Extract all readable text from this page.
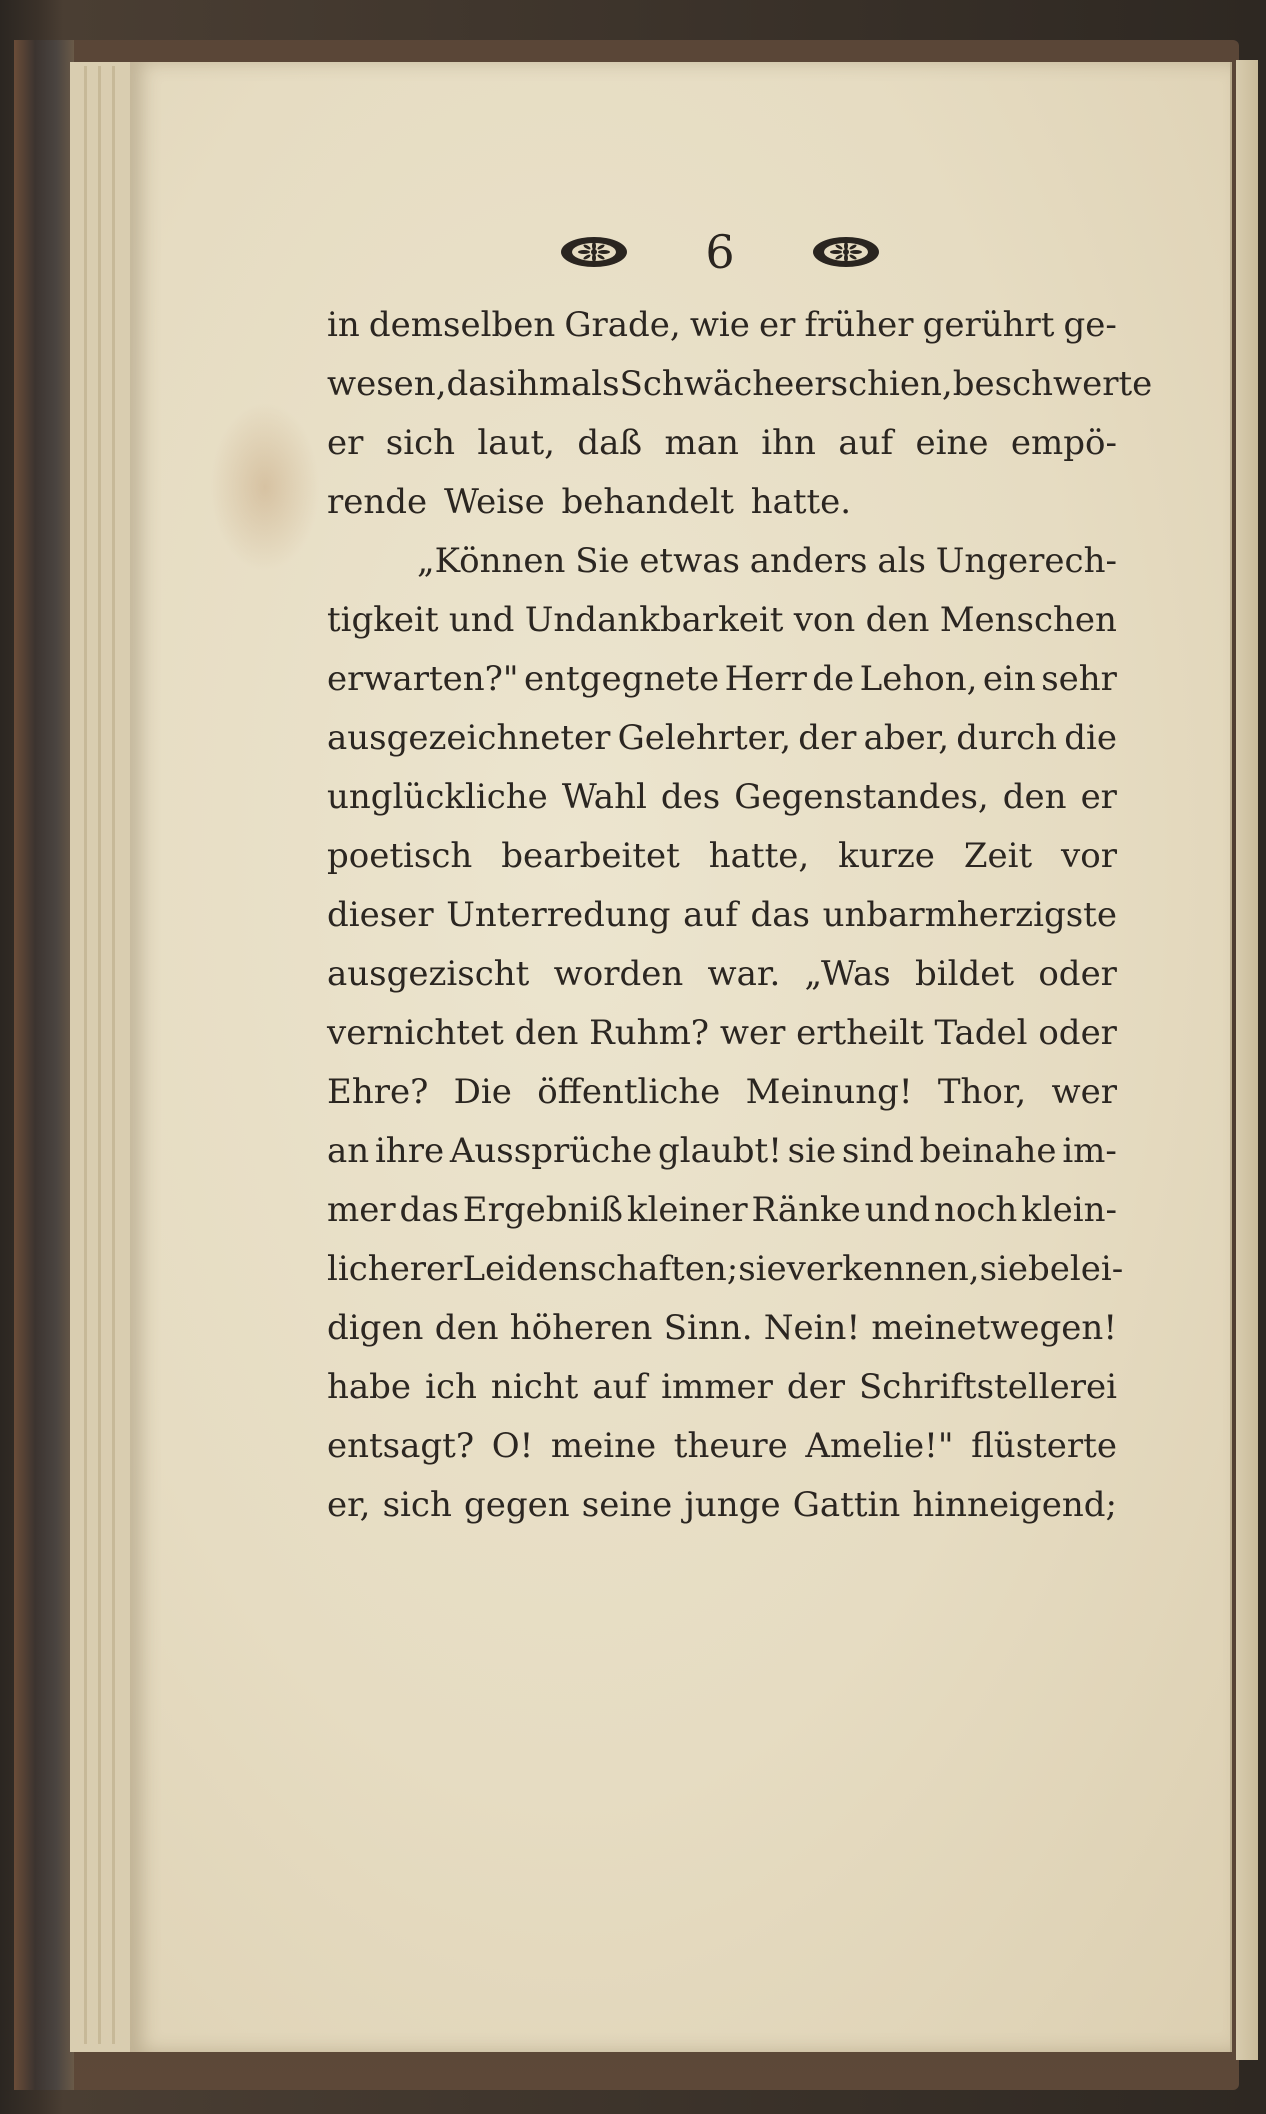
6
in demselben Grade, wie er früher gerührt ge-
wesen, das ihm als Schwäche erschien, beschwerte
er sich laut, daß man ihn auf eine empö-
rende Weise behandelt hatte.
„Können Sie etwas anders als Ungerech-
tigkeit und Undankbarkeit von den Menschen
erwarten?" entgegnete Herr de Lehon, ein sehr
ausgezeichneter Gelehrter, der aber, durch die
unglückliche Wahl des Gegenstandes, den er
poetisch bearbeitet hatte, kurze Zeit vor
dieser Unterredung auf das unbarmherzigste
ausgezischt worden war. „Was bildet oder
vernichtet den Ruhm? wer ertheilt Tadel oder
Ehre? Die öffentliche Meinung! Thor, wer
an ihre Aussprüche glaubt! sie sind beinahe im-
mer das Ergebniß kleiner Ränke und noch klein-
licherer Leidenschaften; sie verkennen, sie belei-
digen den höheren Sinn. Nein! meinetwegen!
habe ich nicht auf immer der Schriftstellerei
entsagt? O! meine theure Amelie!" flüsterte
er, sich gegen seine junge Gattin hinneigend;
